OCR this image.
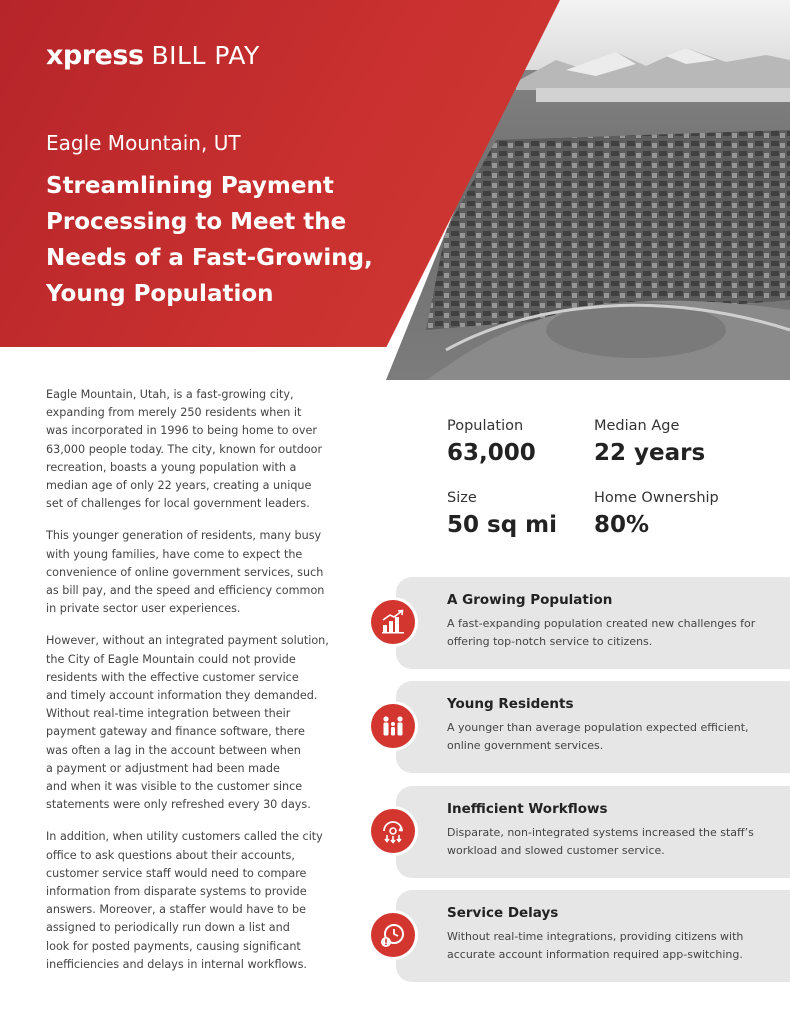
xpress BILL PAY
Eagle Mountain, UT
Streamlining Payment
Processing to Meet the
Needs of a Fast-Growing,
Young Population

Eagle Mountain, Utah, is a fast-growing city,
expanding from merely 250 residents when it
was incorporated in 1996 to being home to over
63,000 people today. The city, known for outdoor
recreation, boasts a young population with a
median age of only 22 years, creating a unique
set of challenges for local government leaders.

This younger generation of residents, many busy
with young families, have come to expect the
convenience of online government services, such
as bill pay, and the speed and efficiency common
in private sector user experiences.

However, without an integrated payment solution,
the City of Eagle Mountain could not provide
residents with the effective customer service
and timely account information they demanded.
Without real-time integration between their
payment gateway and finance software, there
was often a lag in the account between when
a payment or adjustment had been made
and when it was visible to the customer since
statements were only refreshed every 30 days.

In addition, when utility customers called the city
office to ask questions about their accounts,
customer service staff would need to compare
information from disparate systems to provide
answers. Moreover, a staffer would have to be
assigned to periodically run down a list and
look for posted payments, causing significant
inefficiencies and delays in internal workflows.

Population
63,000
Median Age
22 years
Size
50 sq mi
Home Ownership
80%
A Growing Population
A fast-expanding population created new challenges for offering top-notch service to citizens.
Young Residents
A younger than average population expected efficient, online government services.
Inefficient Workflows
Disparate, non-integrated systems increased the staff’s workload and slowed customer service.
Service Delays
Without real-time integrations, providing citizens with accurate account information required app-switching.
